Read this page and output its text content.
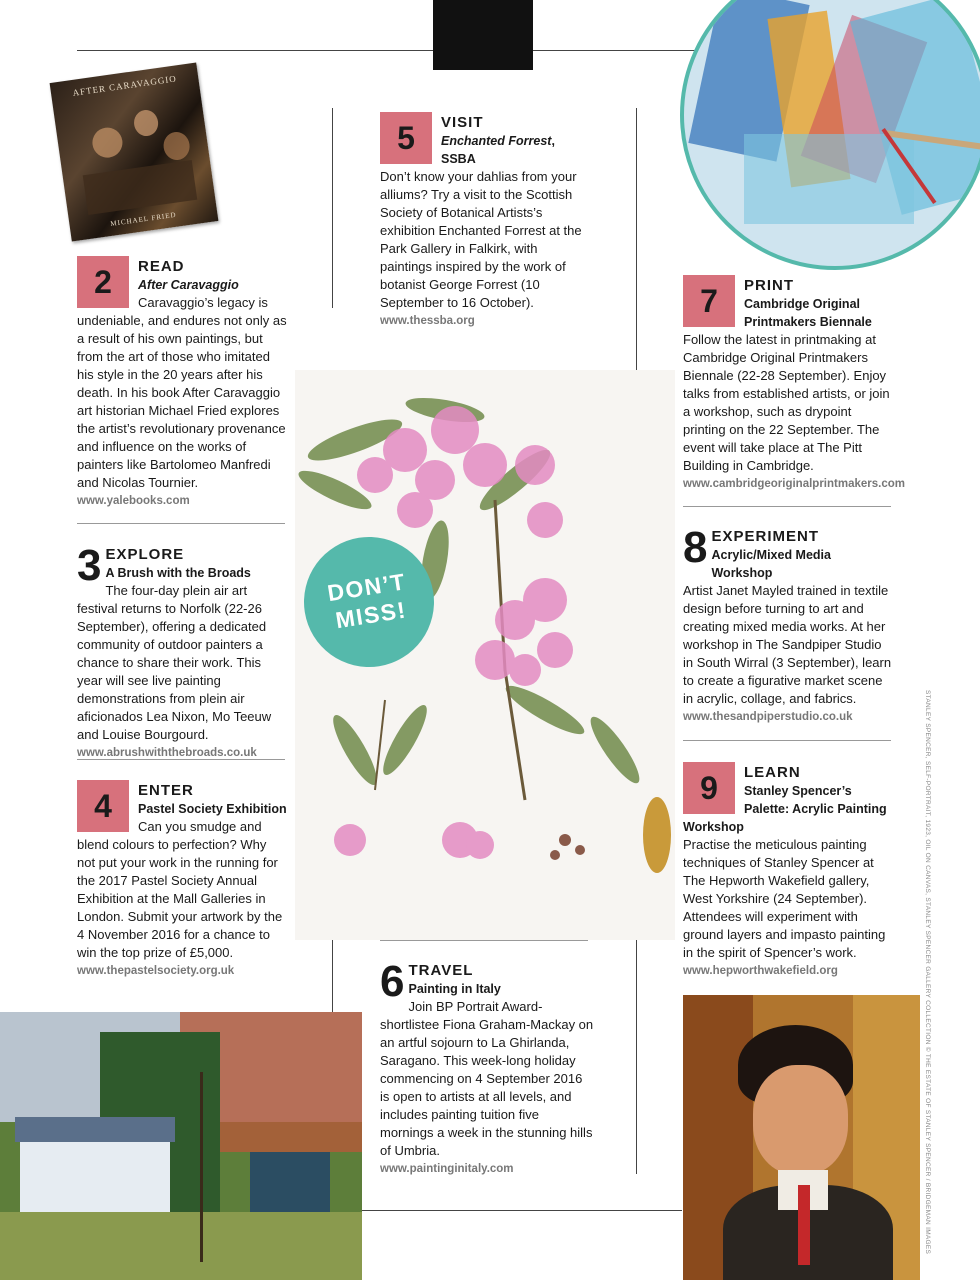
THE DIARY
AFTER CARAVAGGIO
MICHAEL FRIED
DON’T
MISS!
STANLEY SPENCER, SELF-PORTRAIT, 1923, OIL ON CANVAS, STANLEY SPENCER GALLERY COLLECTION © THE ESTATE OF STANLEY SPENCER / BRIDGEMAN IMAGES
2	READ
After Caravaggio
Caravaggio’s legacy is undeniable, and endures not only as a result of his own paintings, but from the art of those who imitated his style in the 20 years after his death. In his book After Caravaggio art historian Michael Fried explores the artist’s revolutionary provenance and influence on the works of painters like Bartolomeo Manfredi and Nicolas Tournier.
www.yalebooks.com
3 EXPLORE
A Brush with the Broads
The four-day plein air art festival returns to Norfolk (22-26 September), offering a dedicated community of outdoor painters a chance to share their work. This year will see live painting demonstrations from plein air aficionados Lea Nixon, Mo Teeuw and Louise Bourgourd.
www.abrushwiththebroads.co.uk
4	ENTER
Pastel Society Exhibition
Can you smudge and blend colours to perfection? Why not put your work in the running for the 2017 Pastel Society Annual Exhibition at the Mall Galleries in London. Submit your artwork by the 4 November 2016 for a chance to win the top prize of £5,000.
www.thepastelsociety.org.uk
5	VISIT
Enchanted Forrest, SSBA
Don’t know your dahlias from your alliums? Try a visit to the Scottish Society of Botanical Artists’s exhibition Enchanted Forrest at the Park Gallery in Falkirk, with paintings inspired by the work of botanist George Forrest (10 September to 16 October).
www.thessba.org
6 TRAVEL
Painting in Italy
Join BP Portrait Award-shortlistee Fiona Graham-Mackay on an artful sojourn to La Ghirlanda, Saragano. This week-long holiday commencing on 4 September 2016 is open to artists at all levels, and includes painting tuition five mornings a week in the stunning hills of Umbria.
www.paintinginitaly.com
7	PRINT
Cambridge Original Printmakers Biennale
Follow the latest in printmaking at Cambridge Original Printmakers Biennale (22-28 September). Enjoy talks from established artists, or join a workshop, such as drypoint printing on the 22 September. The event will take place at The Pitt Building in Cambridge.
www.cambridgeoriginalprintmakers.com
8 EXPERIMENT
Acrylic/Mixed Media Workshop
Artist Janet Mayled trained in textile design before turning to art and creating mixed media works. At her workshop in The Sandpiper Studio in South Wirral (3 September), learn to create a figurative market scene in acrylic, collage, and fabrics.
www.thesandpiperstudio.co.uk
9	LEARN
Stanley Spencer’s Palette: Acrylic Painting Workshop
Practise the meticulous painting techniques of Stanley Spencer at The Hepworth Wakefield gallery, West Yorkshire (24 September). Attendees will experiment with ground layers and impasto painting in the spirit of Spencer’s work.
www.hepworthwakefield.org
